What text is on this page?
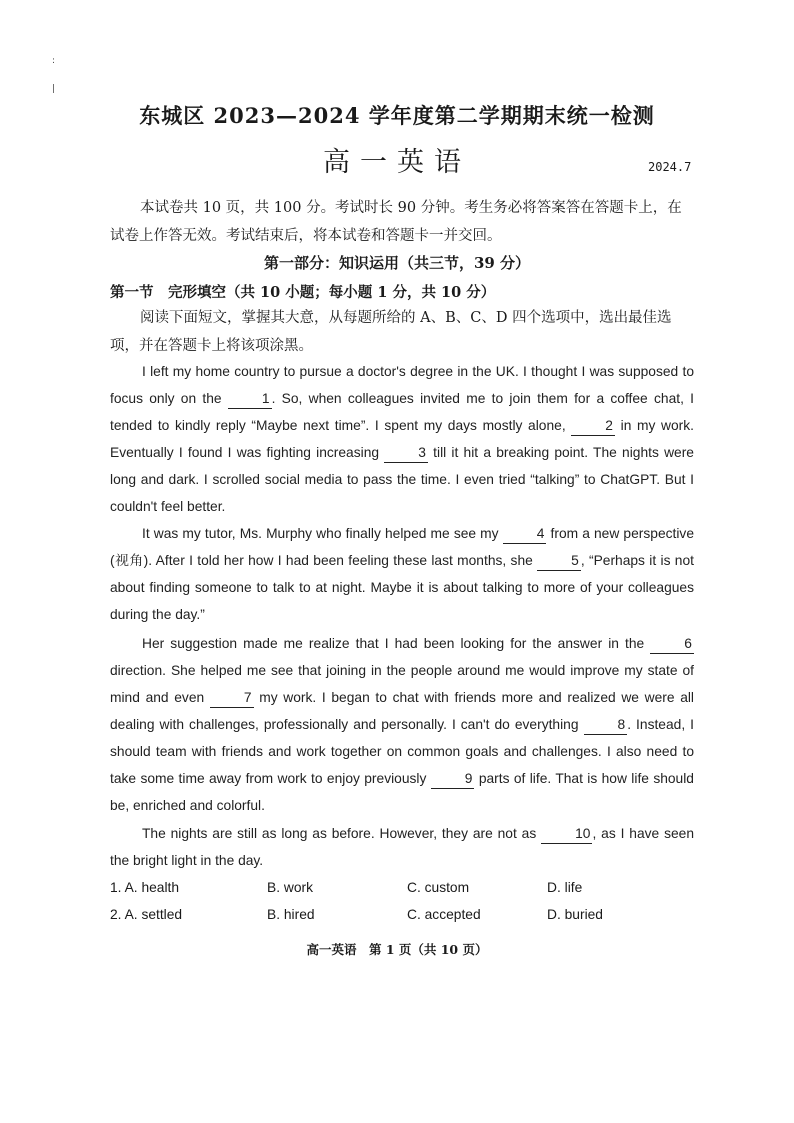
:
|
东城区 2023—2024 学年度第二学期期末统一检测
高一英语	2024.7
本试卷共 10 页，共 100 分。考试时长 90 分钟。考生务必将答案答在答题卡上，在试卷上作答无效。考试结束后，将本试卷和答题卡一并交回。
第一部分：知识运用（共三节，39 分）
第一节　完形填空（共 10 小题；每小题 1 分，共 10 分）
阅读下面短文，掌握其大意，从每题所给的 A、B、C、D 四个选项中，选出最佳选项，并在答题卡上将该项涂黑。
I left my home country to pursue a doctor's degree in the UK. I thought I was supposed to focus only on the	1 . So, when colleagues invited me to join them for a coffee chat, I tended to kindly reply “Maybe next time”. I spent my days mostly alone,	2 in my work. Eventually I found I was fighting increasing	3 till it hit a breaking point. The nights were long and dark. I scrolled social media to pass the time. I even tried “talking” to ChatGPT. But I couldn't feel better.
It was my tutor, Ms. Murphy who finally helped me see my	4 from a new perspective (视角). After I told her how I had been feeling these last months, she	5 , “Perhaps it is not about finding someone to talk to at night. Maybe it is about talking to more of your colleagues during the day.”
Her suggestion made me realize that I had been looking for the answer in the	6 direction. She helped me see that joining in the people around me would improve my state of mind and even	7 my work. I began to chat with friends more and realized we were all dealing with challenges, professionally and personally. I can't do everything	8 . Instead, I should team with friends and work together on common goals and challenges. I also need to take some time away from work to enjoy previously	9 parts of life. That is how life should be, enriched and colorful.
The nights are still as long as before. However, they are not as	10 , as I have seen the bright light in the day.
1. A. health	B. work	C. custom	D. life
2. A. settled	B. hired	C. accepted	D. buried
高一英语　第 1 页（共 10 页）
